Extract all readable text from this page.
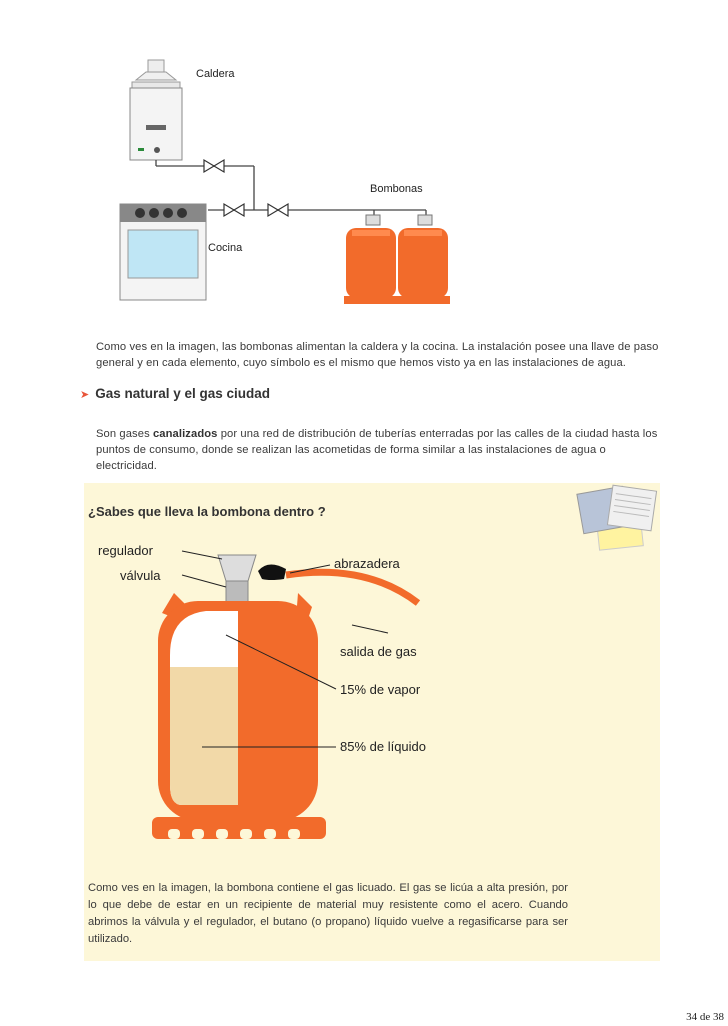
Caldera
Bombonas
Cocina

Como ves en la imagen, las bombonas alimentan la caldera y la cocina. La instalación posee una llave de paso general y en cada elemento, cuyo símbolo es el mismo que hemos visto ya en las instalaciones de agua.

➤ Gas natural y el gas ciudad

Son gases canalizados por una red de distribución de tuberías enterradas por las calles de la ciudad hasta los puntos de consumo, donde se realizan las acometidas de forma similar a las instalaciones de agua o electricidad.

¿Sabes que lleva la bombona dentro ?
regulador
válvula
abrazadera
salida de gas
15% de vapor
85% de líquido

Como ves en la imagen, la bombona contiene el gas licuado. El gas se licúa a alta presión, por lo que debe de estar en un recipiente de material muy resistente como el acero. Cuando abrimos la válvula y el regulador, el butano (o propano) líquido vuelve a regasificarse para ser utilizado.

34 de 38
